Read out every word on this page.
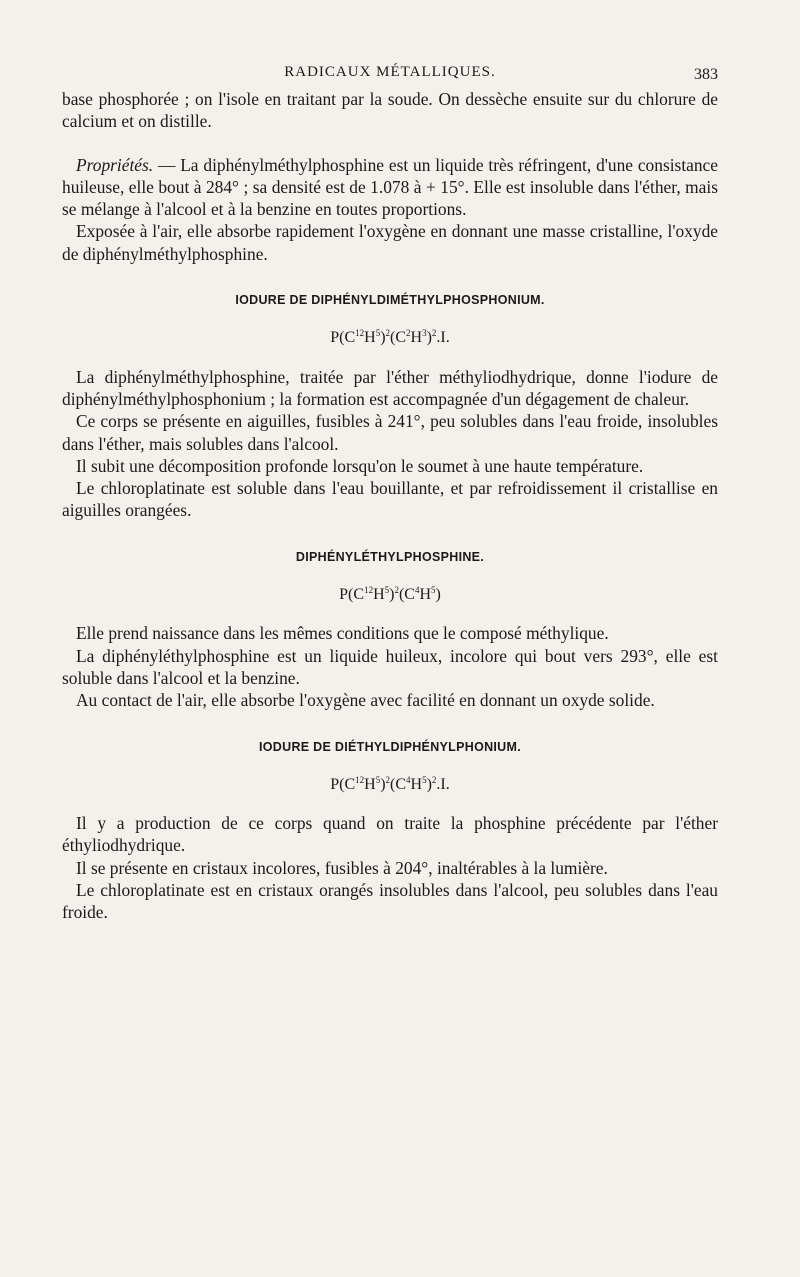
RADICAUX MÉTALLIQUES.	383

base phosphorée ; on l'isole en traitant par la soude. On dessèche ensuite sur du chlorure de calcium et on distille.

Propriétés. — La diphénylméthylphosphine est un liquide très réfringent, d'une consistance huileuse, elle bout à 284° ; sa densité est de 1.078 à + 15°. Elle est insoluble dans l'éther, mais se mélange à l'alcool et à la benzine en toutes proportions.

Exposée à l'air, elle absorbe rapidement l'oxygène en donnant une masse cristalline, l'oxyde de diphénylméthylphosphine.

IODURE DE DIPHÉNYLDIMÉTHYLPHOSPHONIUM.
$P(C^{12}H^5)^2(C^2H^3)^2.I$.

La diphénylméthylphosphine, traitée par l'éther méthyliodhydrique, donne l'iodure de diphénylméthylphosphonium ; la formation est accompagnée d'un dégagement de chaleur.

Ce corps se présente en aiguilles, fusibles à 241°, peu solubles dans l'eau froide, insolubles dans l'éther, mais solubles dans l'alcool.

Il subit une décomposition profonde lorsqu'on le soumet à une haute température.

Le chloroplatinate est soluble dans l'eau bouillante, et par refroidissement il cristallise en aiguilles orangées.

DIPHÉNYLÉTHYLPHOSPHINE.
$P(C^{12}H^5)^2(C^4H^5)$

Elle prend naissance dans les mêmes conditions que le composé méthylique.

La diphényléthylphosphine est un liquide huileux, incolore qui bout vers 293°, elle est soluble dans l'alcool et la benzine.

Au contact de l'air, elle absorbe l'oxygène avec facilité en donnant un oxyde solide.

IODURE DE DIÉTHYLDIPHÉNYLPHONIUM.
$P(C^{12}H^5)^2(C^4H^5)^2.I$.

Il y a production de ce corps quand on traite la phosphine précédente par l'éther éthyliodhydrique.

Il se présente en cristaux incolores, fusibles à 204°, inaltérables à la lumière.

Le chloroplatinate est en cristaux orangés insolubles dans l'alcool, peu solubles dans l'eau froide.
